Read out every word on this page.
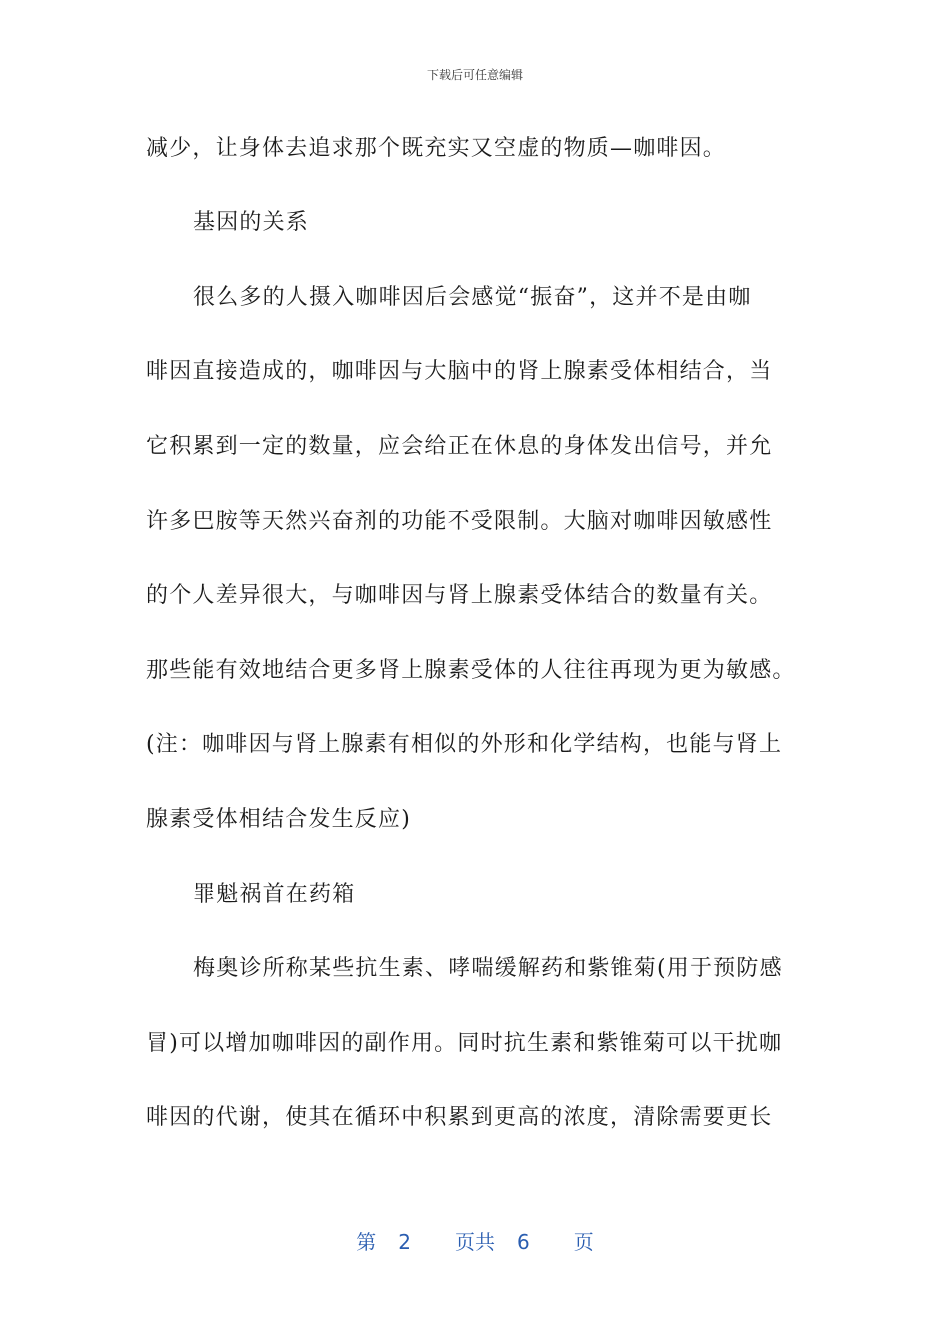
下载后可任意编辑
减少，让身体去追求那个既充实又空虚的物质—咖啡因。
基因的关系
很么多的人摄入咖啡因后会感觉“振奋”，这并不是由咖
啡因直接造成的，咖啡因与大脑中的肾上腺素受体相结合，当
它积累到一定的数量，应会给正在休息的身体发出信号，并允
许多巴胺等天然兴奋剂的功能不受限制。大脑对咖啡因敏感性
的个人差异很大，与咖啡因与肾上腺素受体结合的数量有关。
那些能有效地结合更多肾上腺素受体的人往往再现为更为敏感。
(注：咖啡因与肾上腺素有相似的外形和化学结构，也能与肾上
腺素受体相结合发生反应)
罪魁祸首在药箱
梅奥诊所称某些抗生素、哮喘缓解药和紫锥菊(用于预防感
冒)可以增加咖啡因的副作用。同时抗生素和紫锥菊可以干扰咖
啡因的代谢，使其在循环中积累到更高的浓度，清除需要更长
第 2 页共 6 页
